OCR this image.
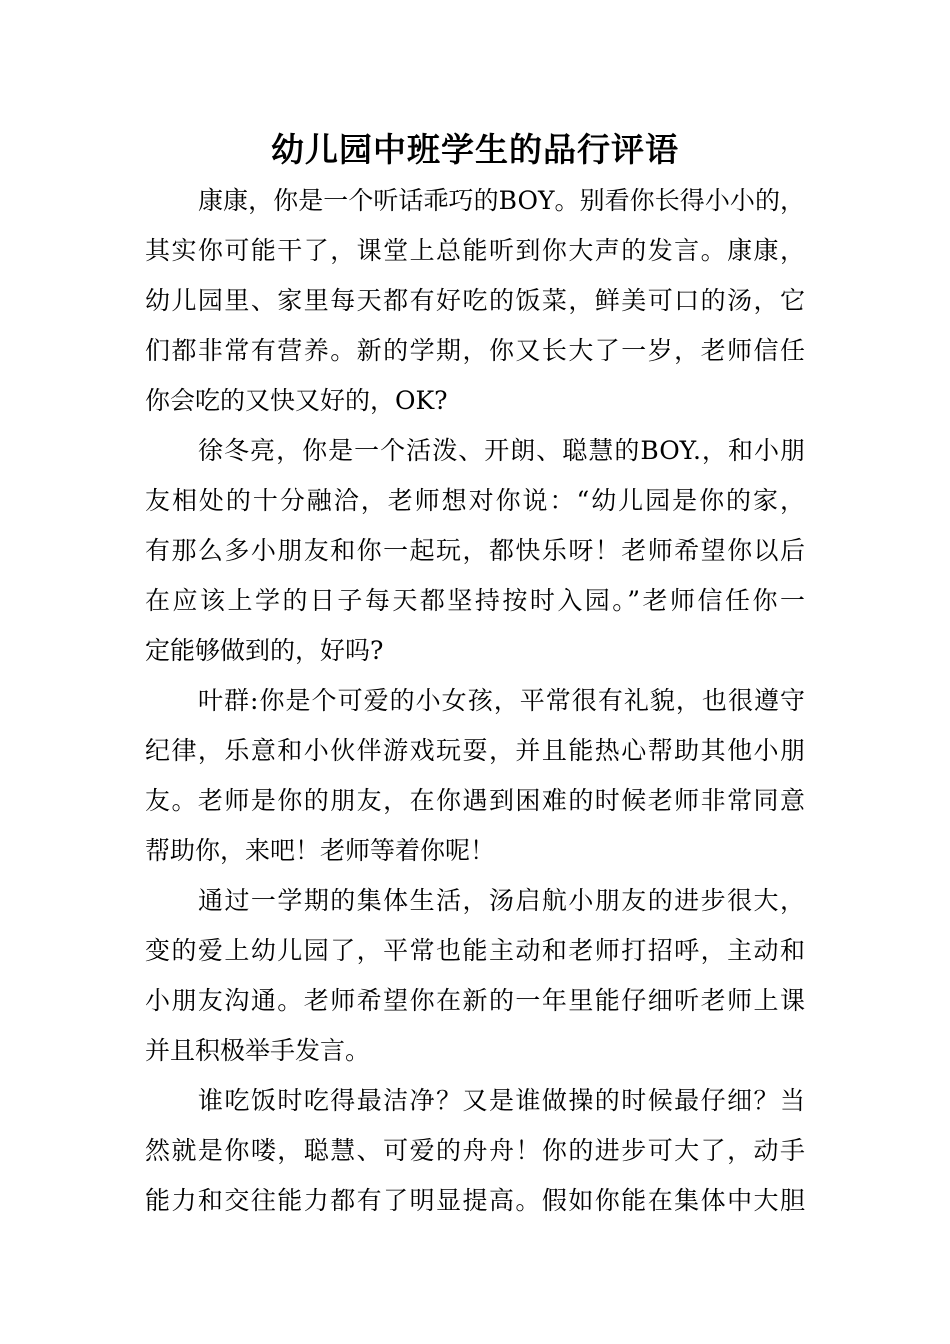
幼儿园中班学生的品行评语

康康，你是一个听话乖巧的BOY。别看你长得小小的，
其实你可能干了，课堂上总能听到你大声的发言。康康，
幼儿园里、家里每天都有好吃的饭菜，鲜美可口的汤，它
们都非常有营养。新的学期，你又长大了一岁，老师信任
你会吃的又快又好的，OK?

徐冬亮，你是一个活泼、开朗、聪慧的BOY.，和小朋
友相处的十分融洽，老师想对你说：“幼儿园是你的家，
有那么多小朋友和你一起玩，都快乐呀！老师希望你以后
在应该上学的日子每天都坚持按时入园。”老师信任你一
定能够做到的，好吗?

叶群:你是个可爱的小女孩，平常很有礼貌，也很遵守
纪律，乐意和小伙伴游戏玩耍，并且能热心帮助其他小朋
友。老师是你的朋友，在你遇到困难的时候老师非常同意
帮助你，来吧！老师等着你呢！

通过一学期的集体生活，汤启航小朋友的进步很大，
变的爱上幼儿园了，平常也能主动和老师打招呼，主动和
小朋友沟通。老师希望你在新的一年里能仔细听老师上课
并且积极举手发言。

谁吃饭时吃得最洁净？又是谁做操的时候最仔细？当
然就是你喽，聪慧、可爱的舟舟！你的进步可大了，动手
能力和交往能力都有了明显提高。假如你能在集体中大胆
